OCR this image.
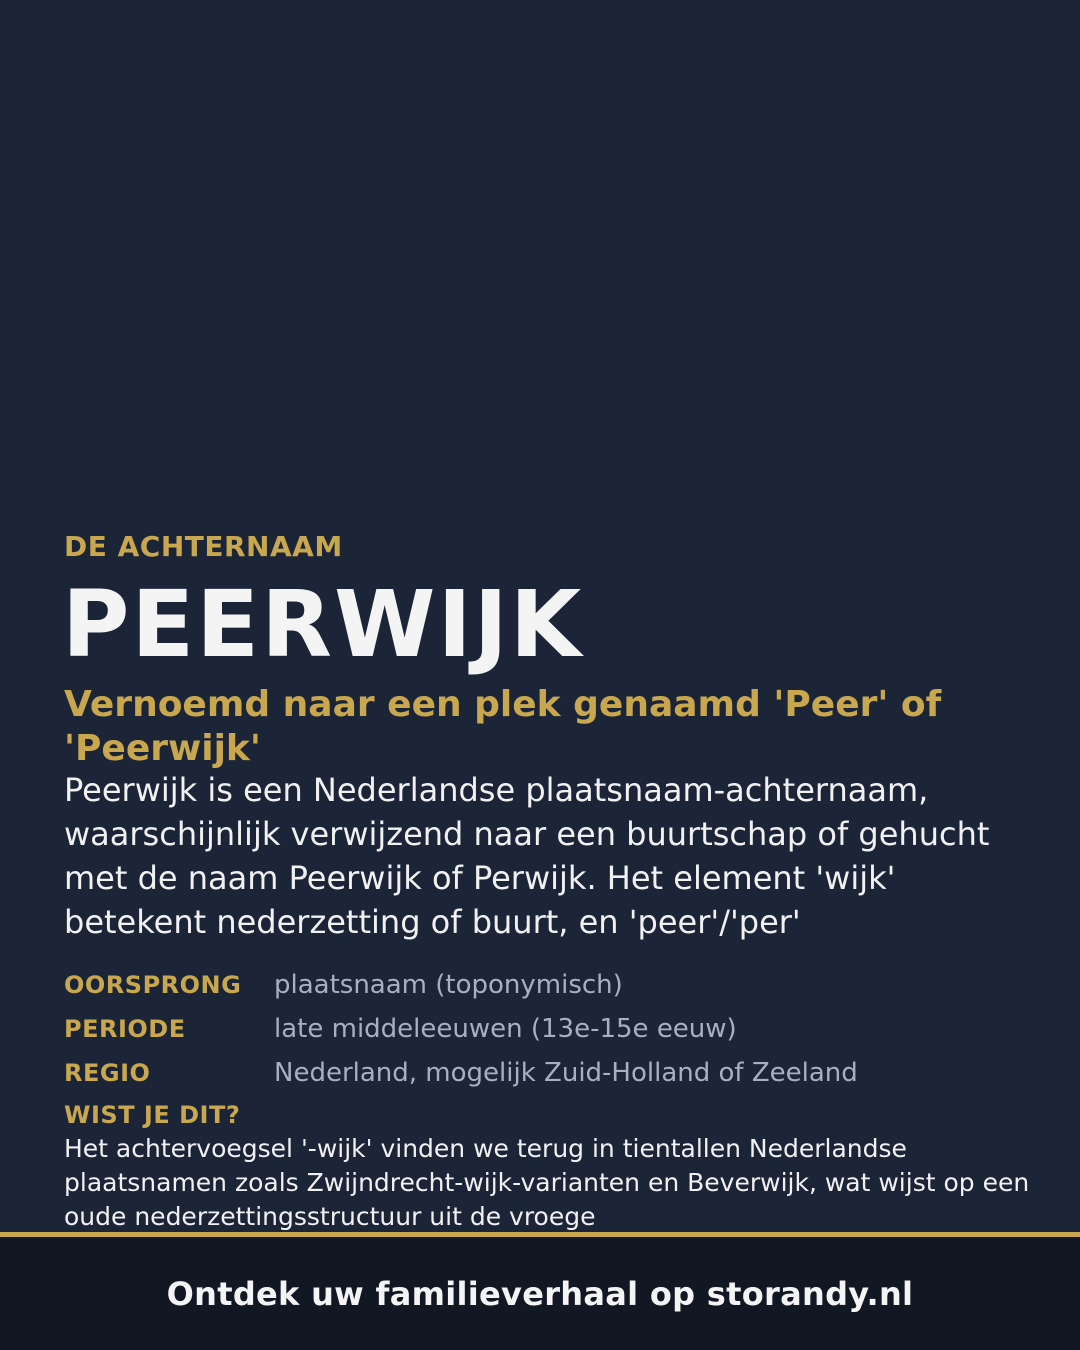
DE ACHTERNAAM
PEERWIJK
Vernoemd naar een plek genaamd 'Peer' of 'Peerwijk'
Peerwijk is een Nederlandse plaatsnaam-achternaam, waarschijnlijk verwijzend naar een buurtschap of gehucht met de naam Peerwijk of Perwijk. Het element 'wijk' betekent nederzetting of buurt, en 'peer'/'per'
OORSPRONG	plaatsnaam (toponymisch)
PERIODE	late middeleeuwen (13e-15e eeuw)
REGIO	Nederland, mogelijk Zuid-Holland of Zeeland
WIST JE DIT?
Het achtervoegsel '-wijk' vinden we terug in tientallen Nederlandse plaatsnamen zoals Zwijndrecht-wijk-varianten en Beverwijk, wat wijst op een oude nederzettingsstructuur uit de vroege
Ontdek uw familieverhaal op storandy.nl
